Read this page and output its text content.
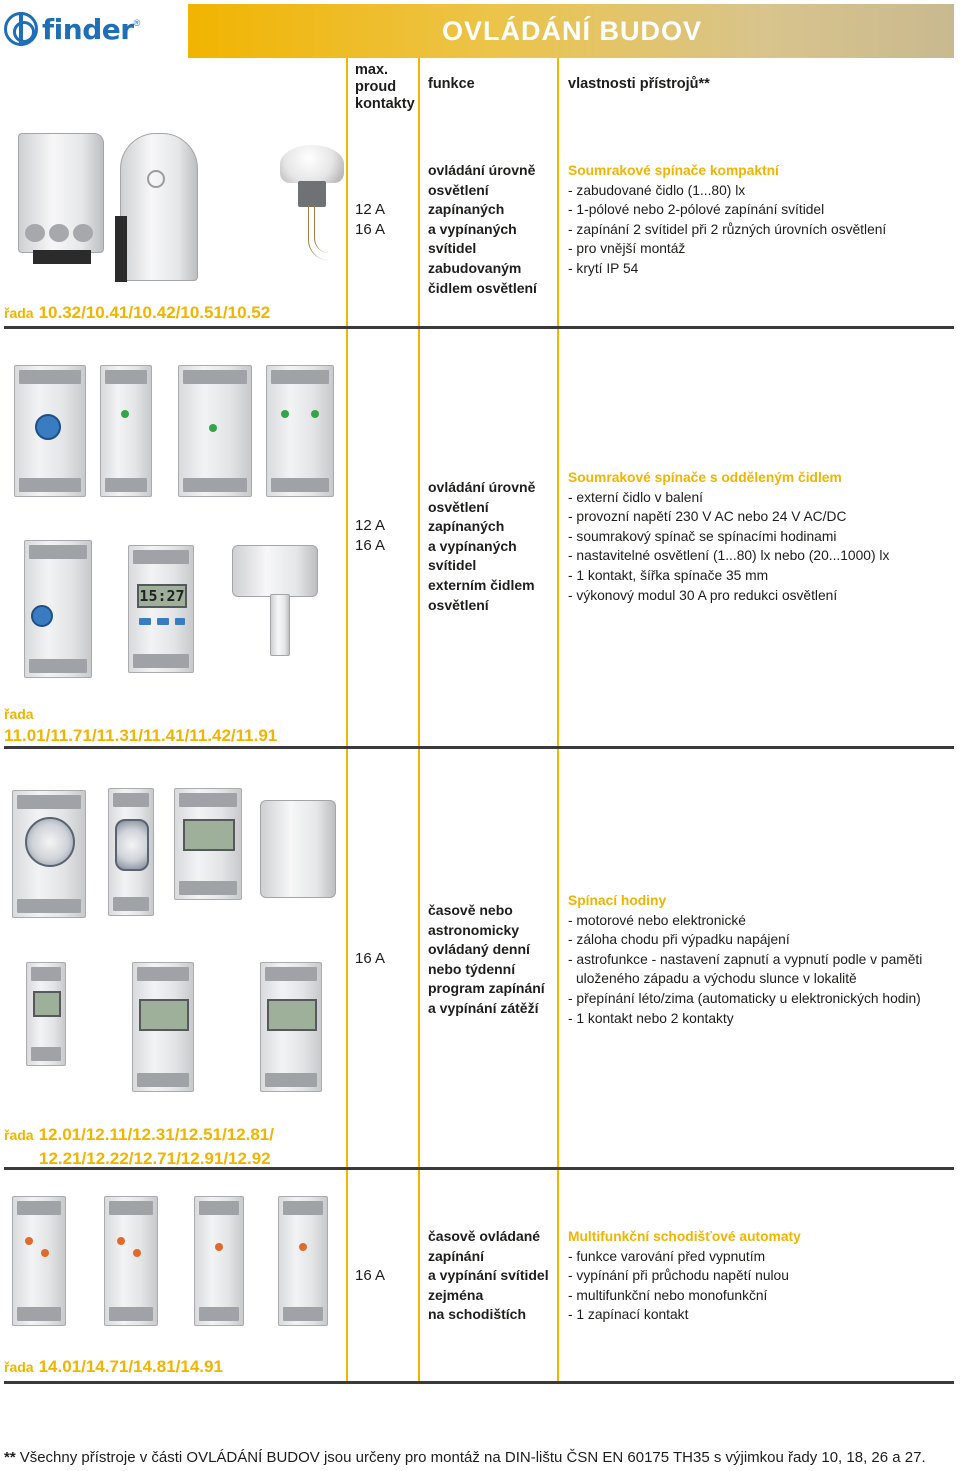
finder ®	OVLÁDÁNÍ BUDOV
max. proud kontakty
funkce	vlastnosti přístrojů**
12 A
16 A
ovládání úrovně
osvětlení zapínaných
a vypínaných
svítidel
zabudovaným
čidlem osvětlení
Soumrakové spínače kompaktní
- zabudované čidlo (1...80) lx
- 1-pólové nebo 2-pólové zapínání svítidel
- zapínání 2 svítidel při 2 různých úrovních osvětlení
- pro vnější montáž
- krytí IP 54
řada 10.32/10.41/10.42/10.51/10.52
15:27
12 A
16 A
ovládání úrovně
osvětlení zapínaných
a vypínaných
svítidel
externím čidlem
osvětlení
Soumrakové spínače s odděleným čidlem
- externí čidlo v balení
- provozní napětí 230 V AC nebo 24 V AC/DC
- soumrakový spínač se spínacími hodinami
- nastavitelné osvětlení (1...80) lx nebo (20...1000) lx
- 1 kontakt, šířka spínače 35 mm
- výkonový modul 30 A pro redukci osvětlení
řada
11.01/11.71/11.31/11.41/11.42/11.91
16 A
časově nebo
astronomicky
ovládaný denní
nebo týdenní
program zapínání
a vypínání zátěží
Spínací hodiny
- motorové nebo elektronické
- záloha chodu při výpadku napájení
- astrofunkce - nastavení zapnutí a vypnutí podle v paměti
uloženého západu a východu slunce v lokalitě
- přepínání léto/zima (automaticky u elektronických hodin)
- 1 kontakt nebo 2 kontakty
řada 12.01/12.11/12.31/12.51/12.81/
12.21/12.22/12.71/12.91/12.92
16 A
časově ovládané
zapínání
a vypínání svítidel
zejména
na schodištích
Multifunkční schodišťové automaty
- funkce varování před vypnutím
- vypínání při průchodu napětí nulou
- multifunkční nebo monofunkční
- 1 zapínací kontakt
řada 14.01/14.71/14.81/14.91
** Všechny přístroje v části OVLÁDÁNÍ BUDOV jsou určeny pro montáž na DIN-lištu ČSN EN 60175 TH35 s výjimkou řady 10, 18, 26 a 27.
